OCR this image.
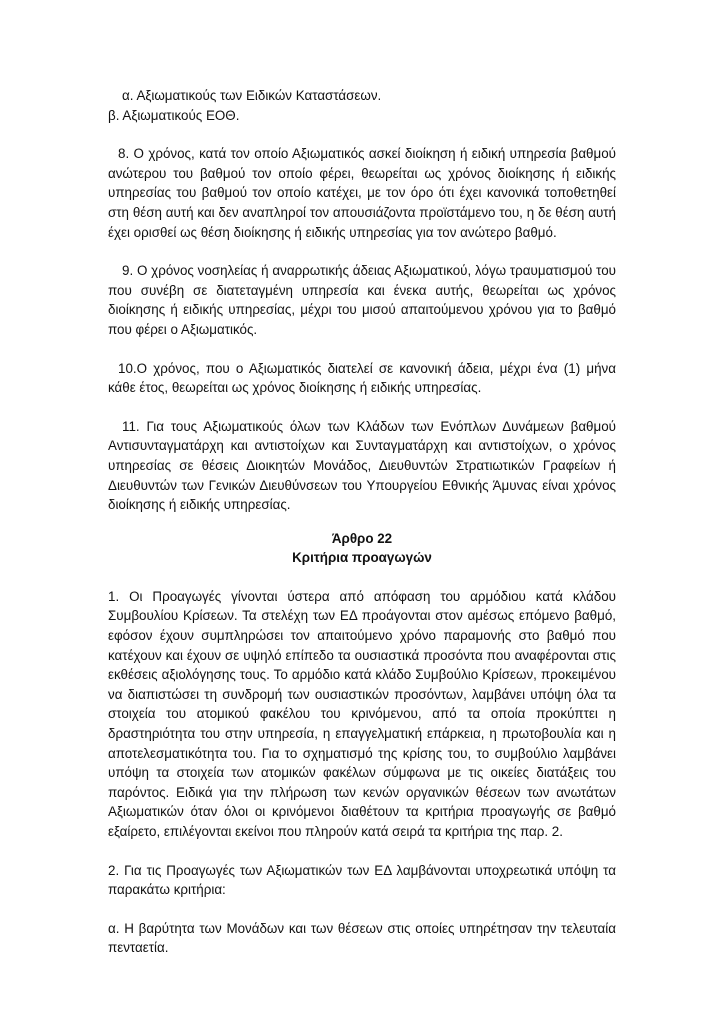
α. Αξιωματικούς των Ειδικών Καταστάσεων.

β. Αξιωματικούς ΕΟΘ.

8. Ο χρόνος, κατά τον οποίο Αξιωματικός ασκεί διοίκηση ή ειδική υπηρεσία βαθμού ανώτερου του βαθμού τον οποίο φέρει, θεωρείται ως χρόνος διοίκησης ή ειδικής υπηρεσίας του βαθμού τον οποίο κατέχει, με τον όρο ότι έχει κανονικά τοποθετηθεί στη θέση αυτή και δεν αναπληροί τον απουσιάζοντα προϊστάμενο του, η δε θέση αυτή έχει ορισθεί ως θέση διοίκησης ή ειδικής υπηρεσίας για τον ανώτερο βαθμό.

9. Ο χρόνος νοσηλείας ή αναρρωτικής άδειας Αξιωματικού, λόγω τραυματισμού του που συνέβη σε διατεταγμένη υπηρεσία και ένεκα αυτής, θεωρείται ως χρόνος διοίκησης ή ειδικής υπηρεσίας, μέχρι του μισού απαιτούμενου χρόνου για το βαθμό που φέρει ο Αξιωματικός.

10.Ο χρόνος, που ο Αξιωματικός διατελεί σε κανονική άδεια, μέχρι ένα (1) μήνα κάθε έτος, θεωρείται ως χρόνος διοίκησης ή ειδικής υπηρεσίας.

11. Για τους Αξιωματικούς όλων των Κλάδων των Ενόπλων Δυνάμεων βαθμού Αντισυνταγματάρχη και αντιστοίχων και Συνταγματάρχη και αντιστοίχων, ο χρόνος υπηρεσίας σε θέσεις Διοικητών Μονάδος, Διευθυντών Στρατιωτικών Γραφείων ή Διευθυντών των Γενικών Διευθύνσεων του Υπουργείου Εθνικής Άμυνας είναι χρόνος διοίκησης ή ειδικής υπηρεσίας.

Άρθρο 22

Κριτήρια προαγωγών

1. Οι Προαγωγές γίνονται ύστερα από απόφαση του αρμόδιου κατά κλάδου Συμβουλίου Κρίσεων. Τα στελέχη των ΕΔ προάγονται στον αμέσως επόμενο βαθμό, εφόσον έχουν συμπληρώσει τον απαιτούμενο χρόνο παραμονής στο βαθμό που κατέχουν και έχουν σε υψηλό επίπεδο τα ουσιαστικά προσόντα που αναφέρονται στις εκθέσεις αξιολόγησης τους. Το αρμόδιο κατά κλάδο Συμβούλιο Κρίσεων, προκειμένου να διαπιστώσει τη συνδρομή των ουσιαστικών προσόντων, λαμβάνει υπόψη όλα τα στοιχεία του ατομικού φακέλου του κρινόμενου, από τα οποία προκύπτει η δραστηριότητα του στην υπηρεσία, η επαγγελματική επάρκεια, η πρωτοβουλία και η αποτελεσματικότητα του. Για το σχηματισμό της κρίσης του, το συμβούλιο λαμβάνει υπόψη τα στοιχεία των ατομικών φακέλων σύμφωνα με τις οικείες διατάξεις του παρόντος. Ειδικά για την πλήρωση των κενών οργανικών θέσεων των ανωτάτων Αξιωματικών όταν όλοι οι κρινόμενοι διαθέτουν τα κριτήρια προαγωγής σε βαθμό εξαίρετο, επιλέγονται εκείνοι που πληρούν κατά σειρά τα κριτήρια της παρ. 2.

2. Για τις Προαγωγές των Αξιωματικών των ΕΔ λαμβάνονται υποχρεωτικά υπόψη τα παρακάτω κριτήρια:

α. Η βαρύτητα των Μονάδων και των θέσεων στις οποίες υπηρέτησαν την τελευταία πενταετία.
